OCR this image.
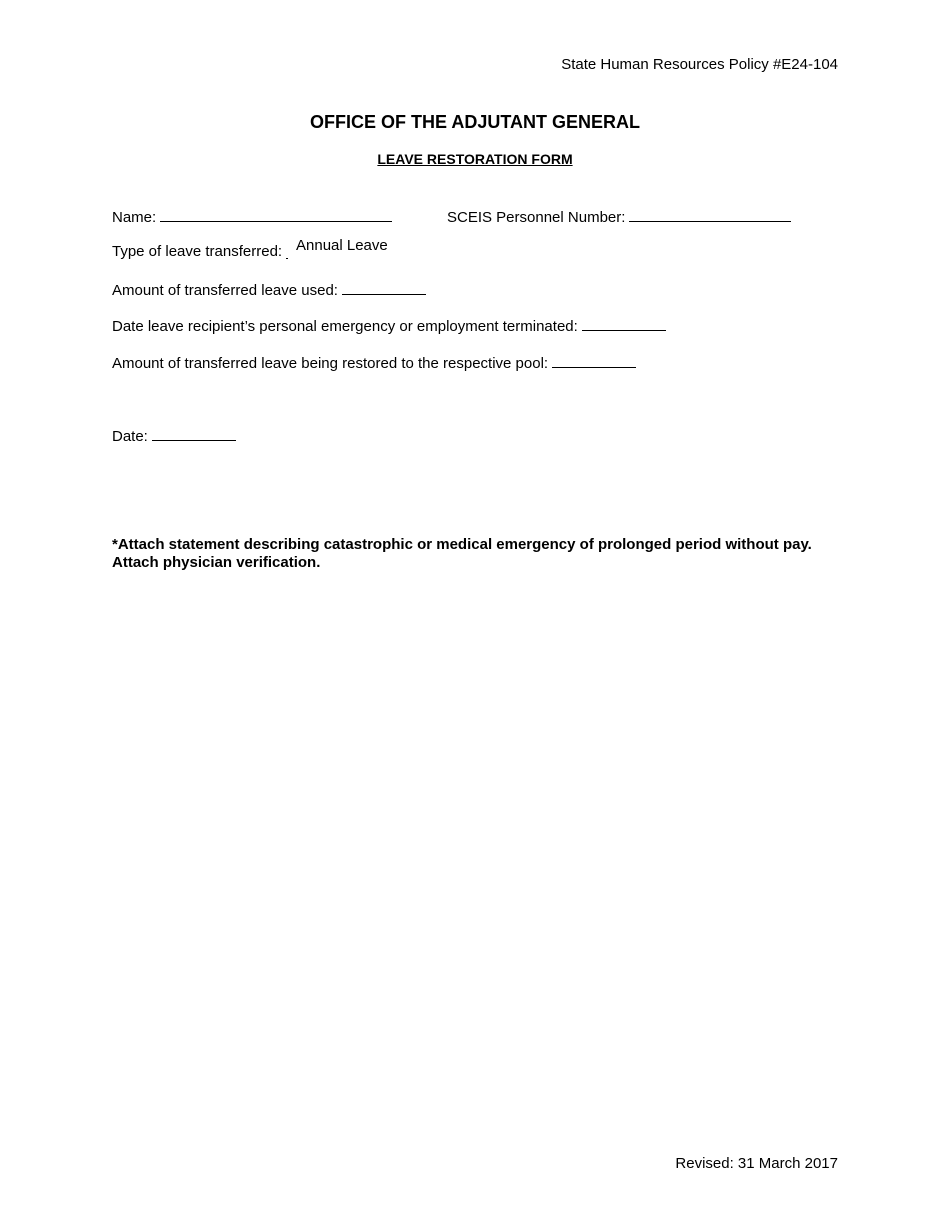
State Human Resources Policy #E24-104
OFFICE OF THE ADJUTANT GENERAL
LEAVE RESTORATION FORM
Name:	SCEIS Personnel Number:
Type of leave transferred: Annual Leave
Amount of transferred leave used:
Date leave recipient’s personal emergency or employment terminated:
Amount of transferred leave being restored to the respective pool:
Date:
*Attach statement describing catastrophic or medical emergency of prolonged period without pay.
Attach physician verification.
Revised: 31 March 2017
